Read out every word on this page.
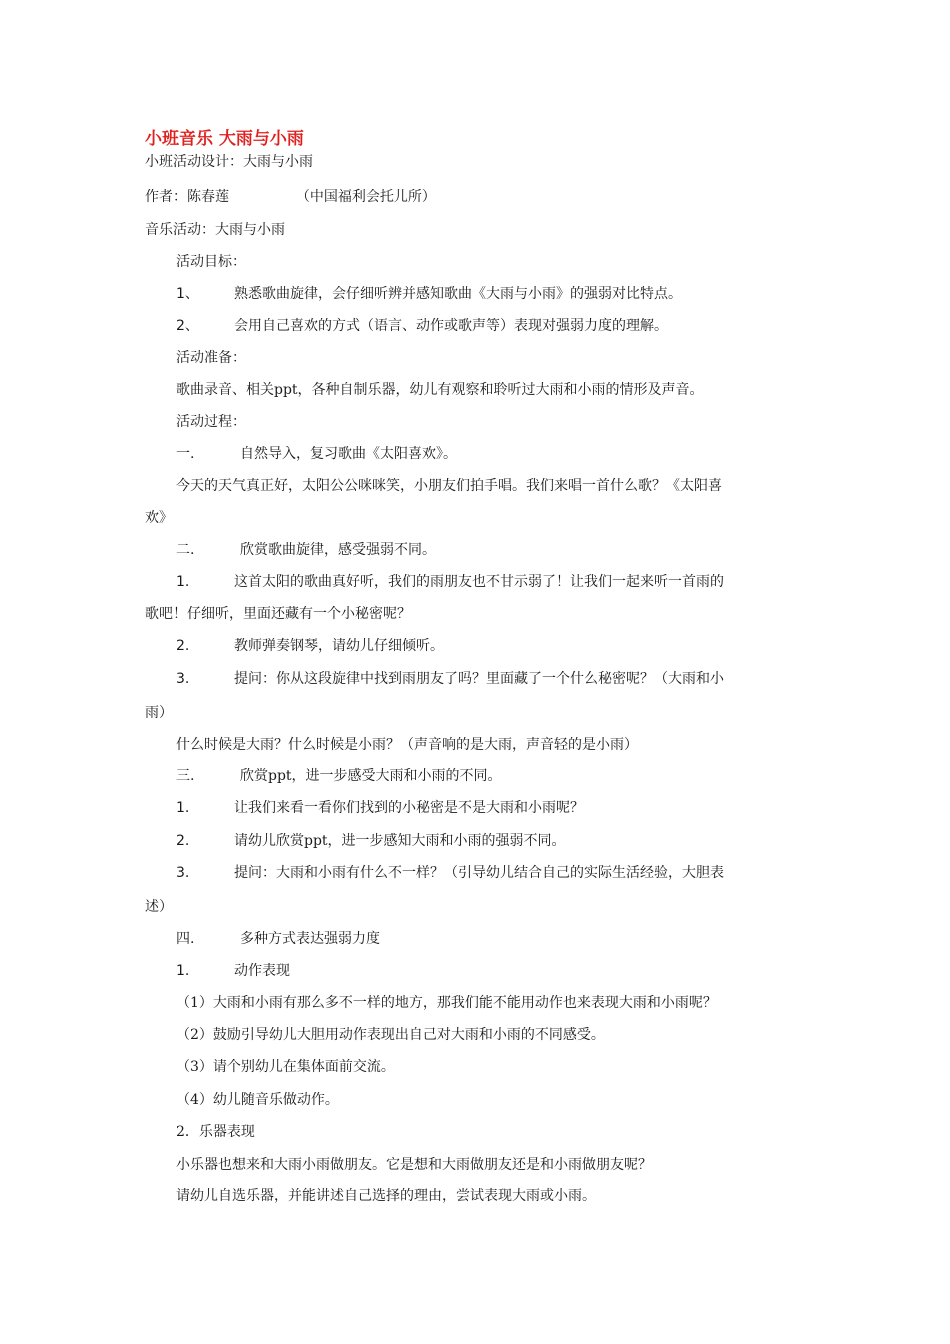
小班音乐 大雨与小雨
小班活动设计：大雨与小雨
作者：陈春莲	（中国福利会托儿所）
音乐活动：大雨与小雨
活动目标：
1、	熟悉歌曲旋律，会仔细听辨并感知歌曲《大雨与小雨》的强弱对比特点。
2、	会用自己喜欢的方式（语言、动作或歌声等）表现对强弱力度的理解。
活动准备：
歌曲录音、相关ppt，各种自制乐器，幼儿有观察和聆听过大雨和小雨的情形及声音。
活动过程：
一.	自然导入，复习歌曲《太阳喜欢》。
今天的天气真正好，太阳公公咪咪笑，小朋友们拍手唱。我们来唱一首什么歌？《太阳喜
欢》
二.	欣赏歌曲旋律，感受强弱不同。
1.	这首太阳的歌曲真好听，我们的雨朋友也不甘示弱了！让我们一起来听一首雨的
歌吧！仔细听，里面还藏有一个小秘密呢？
2.	教师弹奏钢琴，请幼儿仔细倾听。
3.	提问：你从这段旋律中找到雨朋友了吗？里面藏了一个什么秘密呢？（大雨和小
雨）
什么时候是大雨？什么时候是小雨？（声音响的是大雨，声音轻的是小雨）
三.	欣赏ppt，进一步感受大雨和小雨的不同。
1.	让我们来看一看你们找到的小秘密是不是大雨和小雨呢？
2.	请幼儿欣赏ppt，进一步感知大雨和小雨的强弱不同。
3.	提问：大雨和小雨有什么不一样？（引导幼儿结合自己的实际生活经验，大胆表
述）
四.	多种方式表达强弱力度
1.	动作表现
（1）大雨和小雨有那么多不一样的地方，那我们能不能用动作也来表现大雨和小雨呢？
（2）鼓励引导幼儿大胆用动作表现出自己对大雨和小雨的不同感受。
（3）请个别幼儿在集体面前交流。
（4）幼儿随音乐做动作。
2．乐器表现
小乐器也想来和大雨小雨做朋友。它是想和大雨做朋友还是和小雨做朋友呢？
请幼儿自选乐器，并能讲述自己选择的理由，尝试表现大雨或小雨。
